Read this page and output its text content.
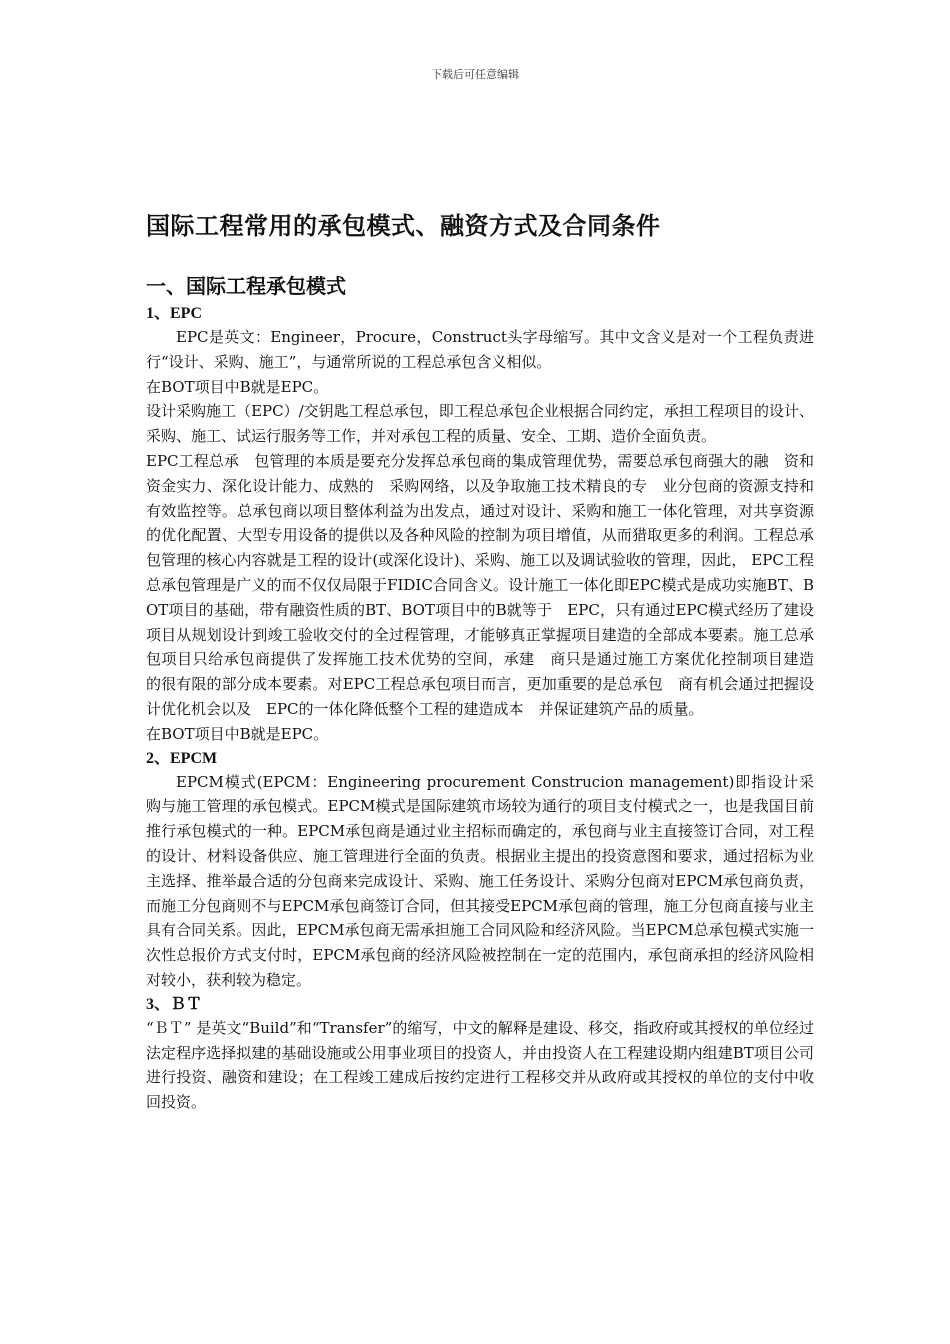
下载后可任意编辑
国际工程常用的承包模式、融资方式及合同条件
一、国际工程承包模式
1、EPC

EPC是英文：Engineer，Procure，Construct头字母缩写。其中文含义是对一个工程负责进行“设计、采购、施工”，与通常所说的工程总承包含义相似。

在BOT项目中B就是EPC。

设计采购施工（EPC）/交钥匙工程总承包，即工程总承包企业根据合同约定，承担工程项目的设计、采购、施工、试运行服务等工作，并对承包工程的质量、安全、工期、造价全面负责。

EPC工程总承　包管理的本质是要充分发挥总承包商的集成管理优势，需要总承包商强大的融　资和资金实力、深化设计能力、成熟的　采购网络，以及争取施工技术精良的专　业分包商的资源支持和有效监控等。总承包商以项目整体利益为出发点，通过对设计、采购和施工一体化管理，对共享资源的优化配置、大型专用设备的提供以及各种风险的控制为项目增值，从而猎取更多的利润。工程总承包管理的核心内容就是工程的设计(或深化设计)、采购、施工以及调试验收的管理，因此， EPC工程总承包管理是广义的而不仅仅局限于FIDIC合同含义。设计施工一体化即EPC模式是成功实施BT、BOT项目的基础，带有融资性质的BT、BOT项目中的B就等于　EPC，只有通过EPC模式经历了建设项目从规划设计到竣工验收交付的全过程管理，才能够真正掌握项目建造的全部成本要素。施工总承包项目只给承包商提供了发挥施工技术优势的空间，承建　商只是通过施工方案优化控制项目建造　的很有限的部分成本要素。对EPC工程总承包项目而言，更加重要的是总承包　商有机会通过把握设计优化机会以及　EPC的一体化降低整个工程的建造成本　并保证建筑产品的质量。

在BOT项目中B就是EPC。

2、EPCM

EPCM模式(EPCM：Engineering procurement Construcion management)即指设计采购与施工管理的承包模式。EPCM模式是国际建筑市场较为通行的项目支付模式之一，也是我国目前推行承包模式的一种。EPCM承包商是通过业主招标而确定的，承包商与业主直接签订合同，对工程的设计、材料设备供应、施工管理进行全面的负责。根据业主提出的投资意图和要求，通过招标为业主选择、推举最合适的分包商来完成设计、采购、施工任务设计、采购分包商对EPCM承包商负责，而施工分包商则不与EPCM承包商签订合同，但其接受EPCM承包商的管理，施工分包商直接与业主具有合同关系。因此，EPCM承包商无需承担施工合同风险和经济风险。当EPCM总承包模式实施一次性总报价方式支付时，EPCM承包商的经济风险被控制在一定的范围内，承包商承担的经济风险相对较小，获利较为稳定。

3、ＢＴ

“ＢＴ” 是英文“Build”和“Transfer”的缩写，中文的解释是建设、移交，指政府或其授权的单位经过法定程序选择拟建的基础设施或公用事业项目的投资人，并由投资人在工程建设期内组建BT项目公司进行投资、融资和建设；在工程竣工建成后按约定进行工程移交并从政府或其授权的单位的支付中收回投资。
